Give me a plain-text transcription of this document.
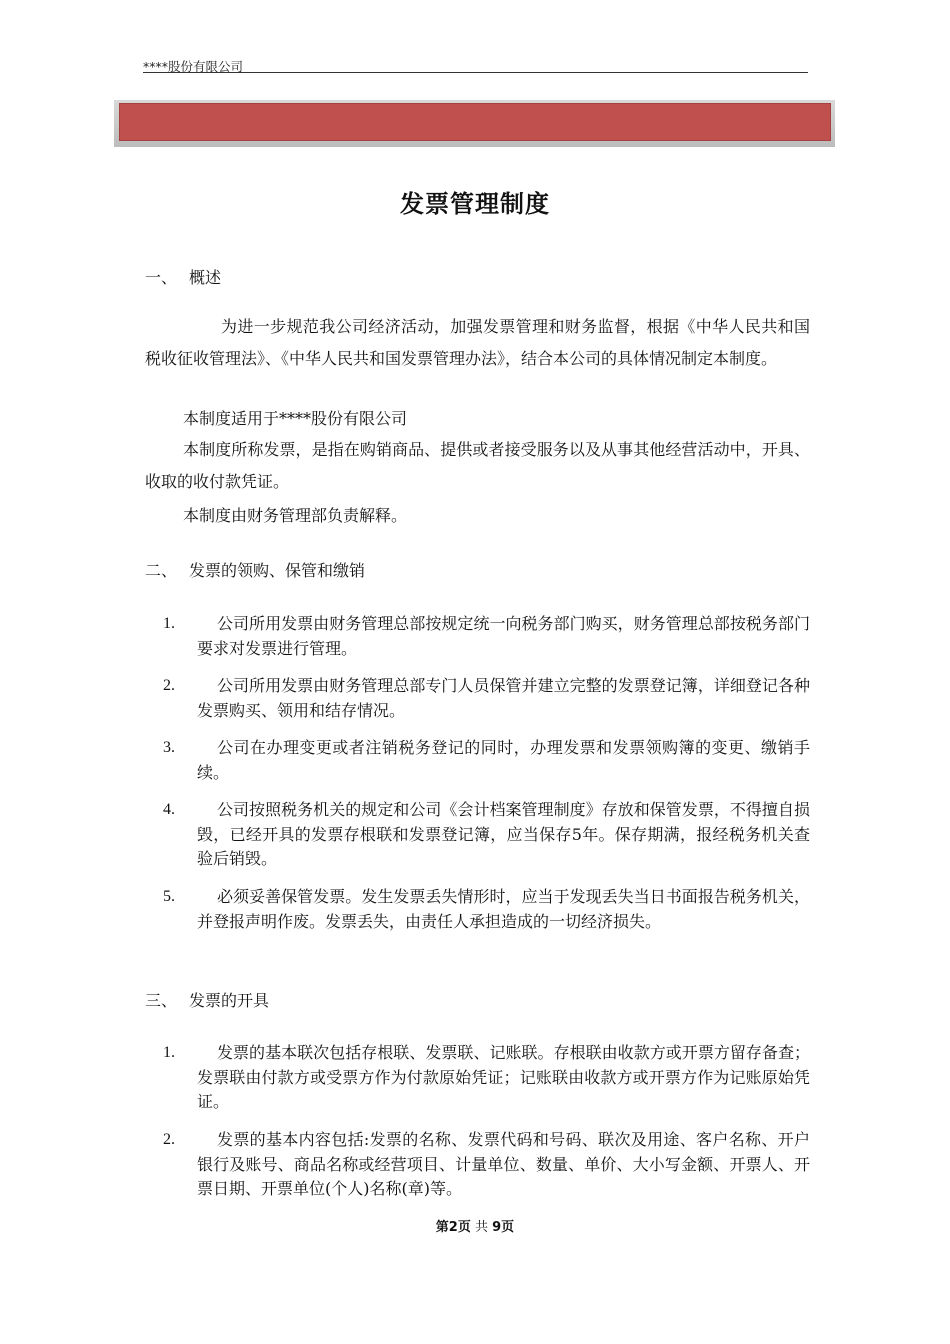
****股份有限公司
发票管理制度
一、 概述
为进一步规范我公司经济活动，加强发票管理和财务监督，根据《中华人民共和国税收征收管理法》、《中华人民共和国发票管理办法》，结合本公司的具体情况制定本制度。
本制度适用于****股份有限公司
本制度所称发票，是指在购销商品、提供或者接受服务以及从事其他经营活动中，开具、收取的收付款凭证。
本制度由财务管理部负责解释。
二、 发票的领购、保管和缴销
1.	公司所用发票由财务管理总部按规定统一向税务部门购买，财务管理总部按税务部门要求对发票进行管理。
2.	公司所用发票由财务管理总部专门人员保管并建立完整的发票登记簿，详细登记各种发票购买、领用和结存情况。
3.	公司在办理变更或者注销税务登记的同时，办理发票和发票领购簿的变更、缴销手续。
4.	公司按照税务机关的规定和公司《会计档案管理制度》存放和保管发票，不得擅自损毁，已经开具的发票存根联和发票登记簿，应当保存5年。保存期满，报经税务机关查验后销毁。
5.	必须妥善保管发票。发生发票丢失情形时，应当于发现丢失当日书面报告税务机关，并登报声明作废。发票丢失，由责任人承担造成的一切经济损失。
三、 发票的开具
1.	发票的基本联次包括存根联、发票联、记账联。存根联由收款方或开票方留存备查；发票联由付款方或受票方作为付款原始凭证；记账联由收款方或开票方作为记账原始凭证。
2.	发票的基本内容包括:发票的名称、发票代码和号码、联次及用途、客户名称、开户银行及账号、商品名称或经营项目、计量单位、数量、单价、大小写金额、开票人、开票日期、开票单位(个人)名称(章)等。
第2页 共 9页
